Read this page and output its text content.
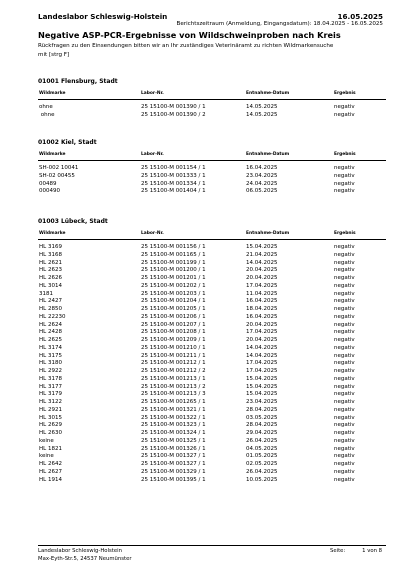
Landeslabor Schleswig-Holstein	16.05.2025
Berichtszeitraum (Anmeldung, Eingangsdatum): 18.04.2025 - 16.05.2025
Negative ASP-PCR-Ergebnisse von Wildschweinproben nach Kreis
Rückfragen zu den Einsendungen bitten wir an Ihr zuständiges Veterinäramt zu richten Wildmarkensuche mit [strg F]
01001 Flensburg, Stadt
Wildmarke	Labor-Nr.	Entnahme-Datum	Ergebnis
ohne	25 15100-M 001390 / 1	14.05.2025	negativ
ohne	25 15100-M 001390 / 2	14.05.2025	negativ
01002 Kiel, Stadt
Wildmarke	Labor-Nr.	Entnahme-Datum	Ergebnis
SH-002 10041	25 15100-M 001154 / 1	16.04.2025	negativ
SH-02 00455	25 15100-M 001333 / 1	23.04.2025	negativ
00489	25 15100-M 001334 / 1	24.04.2025	negativ
000490	25 15100-M 001404 / 1	06.05.2025	negativ
01003 Lübeck, Stadt
Wildmarke	Labor-Nr.	Entnahme-Datum	Ergebnis
HL 3169	25 15100-M 001156 / 1	15.04.2025	negativ
HL 3168	25 15100-M 001165 / 1	21.04.2025	negativ
HL 2621	25 15100-M 001199 / 1	14.04.2025	negativ
HL 2623	25 15100-M 001200 / 1	20.04.2025	negativ
HL 2626	25 15100-M 001201 / 1	20.04.2025	negativ
HL 3014	25 15100-M 001202 / 1	17.04.2025	negativ
3181	25 15100-M 001203 / 1	11.04.2025	negativ
HL 2427	25 15100-M 001204 / 1	16.04.2025	negativ
HL 2850	25 15100-M 001205 / 1	18.04.2025	negativ
HL 22230	25 15100-M 001206 / 1	16.04.2025	negativ
HL 2624	25 15100-M 001207 / 1	20.04.2025	negativ
HL 2428	25 15100-M 001208 / 1	17.04.2025	negativ
HL 2625	25 15100-M 001209 / 1	20.04.2025	negativ
HL 3174	25 15100-M 001210 / 1	14.04.2025	negativ
HL 3175	25 15100-M 001211 / 1	14.04.2025	negativ
HL 3180	25 15100-M 001212 / 1	17.04.2025	negativ
HL 2922	25 15100-M 001212 / 2	17.04.2025	negativ
HL 3178	25 15100-M 001213 / 1	15.04.2025	negativ
HL 3177	25 15100-M 001213 / 2	15.04.2025	negativ
HL 3179	25 15100-M 001213 / 3	15.04.2025	negativ
HL 3122	25 15100-M 001265 / 1	23.04.2025	negativ
HL 2921	25 15100-M 001321 / 1	28.04.2025	negativ
HL 3015	25 15100-M 001322 / 1	03.05.2025	negativ
HL 2629	25 15100-M 001323 / 1	28.04.2025	negativ
HL 2630	25 15100-M 001324 / 1	29.04.2025	negativ
keine	25 15100-M 001325 / 1	26.04.2025	negativ
HL 1821	25 15100-M 001326 / 1	04.05.2025	negativ
keine	25 15100-M 001327 / 1	01.05.2025	negativ
HL 2642	25 15100-M 001327 / 1	02.05.2025	negativ
HL 2627	25 15100-M 001329 / 1	26.04.2025	negativ
HL 1914	25 15100-M 001395 / 1	10.05.2025	negativ
Landeslabor Schleswig-Holstein
Max-Eyth-Str.5, 24537 Neumünster
Seite:	1 von 8
